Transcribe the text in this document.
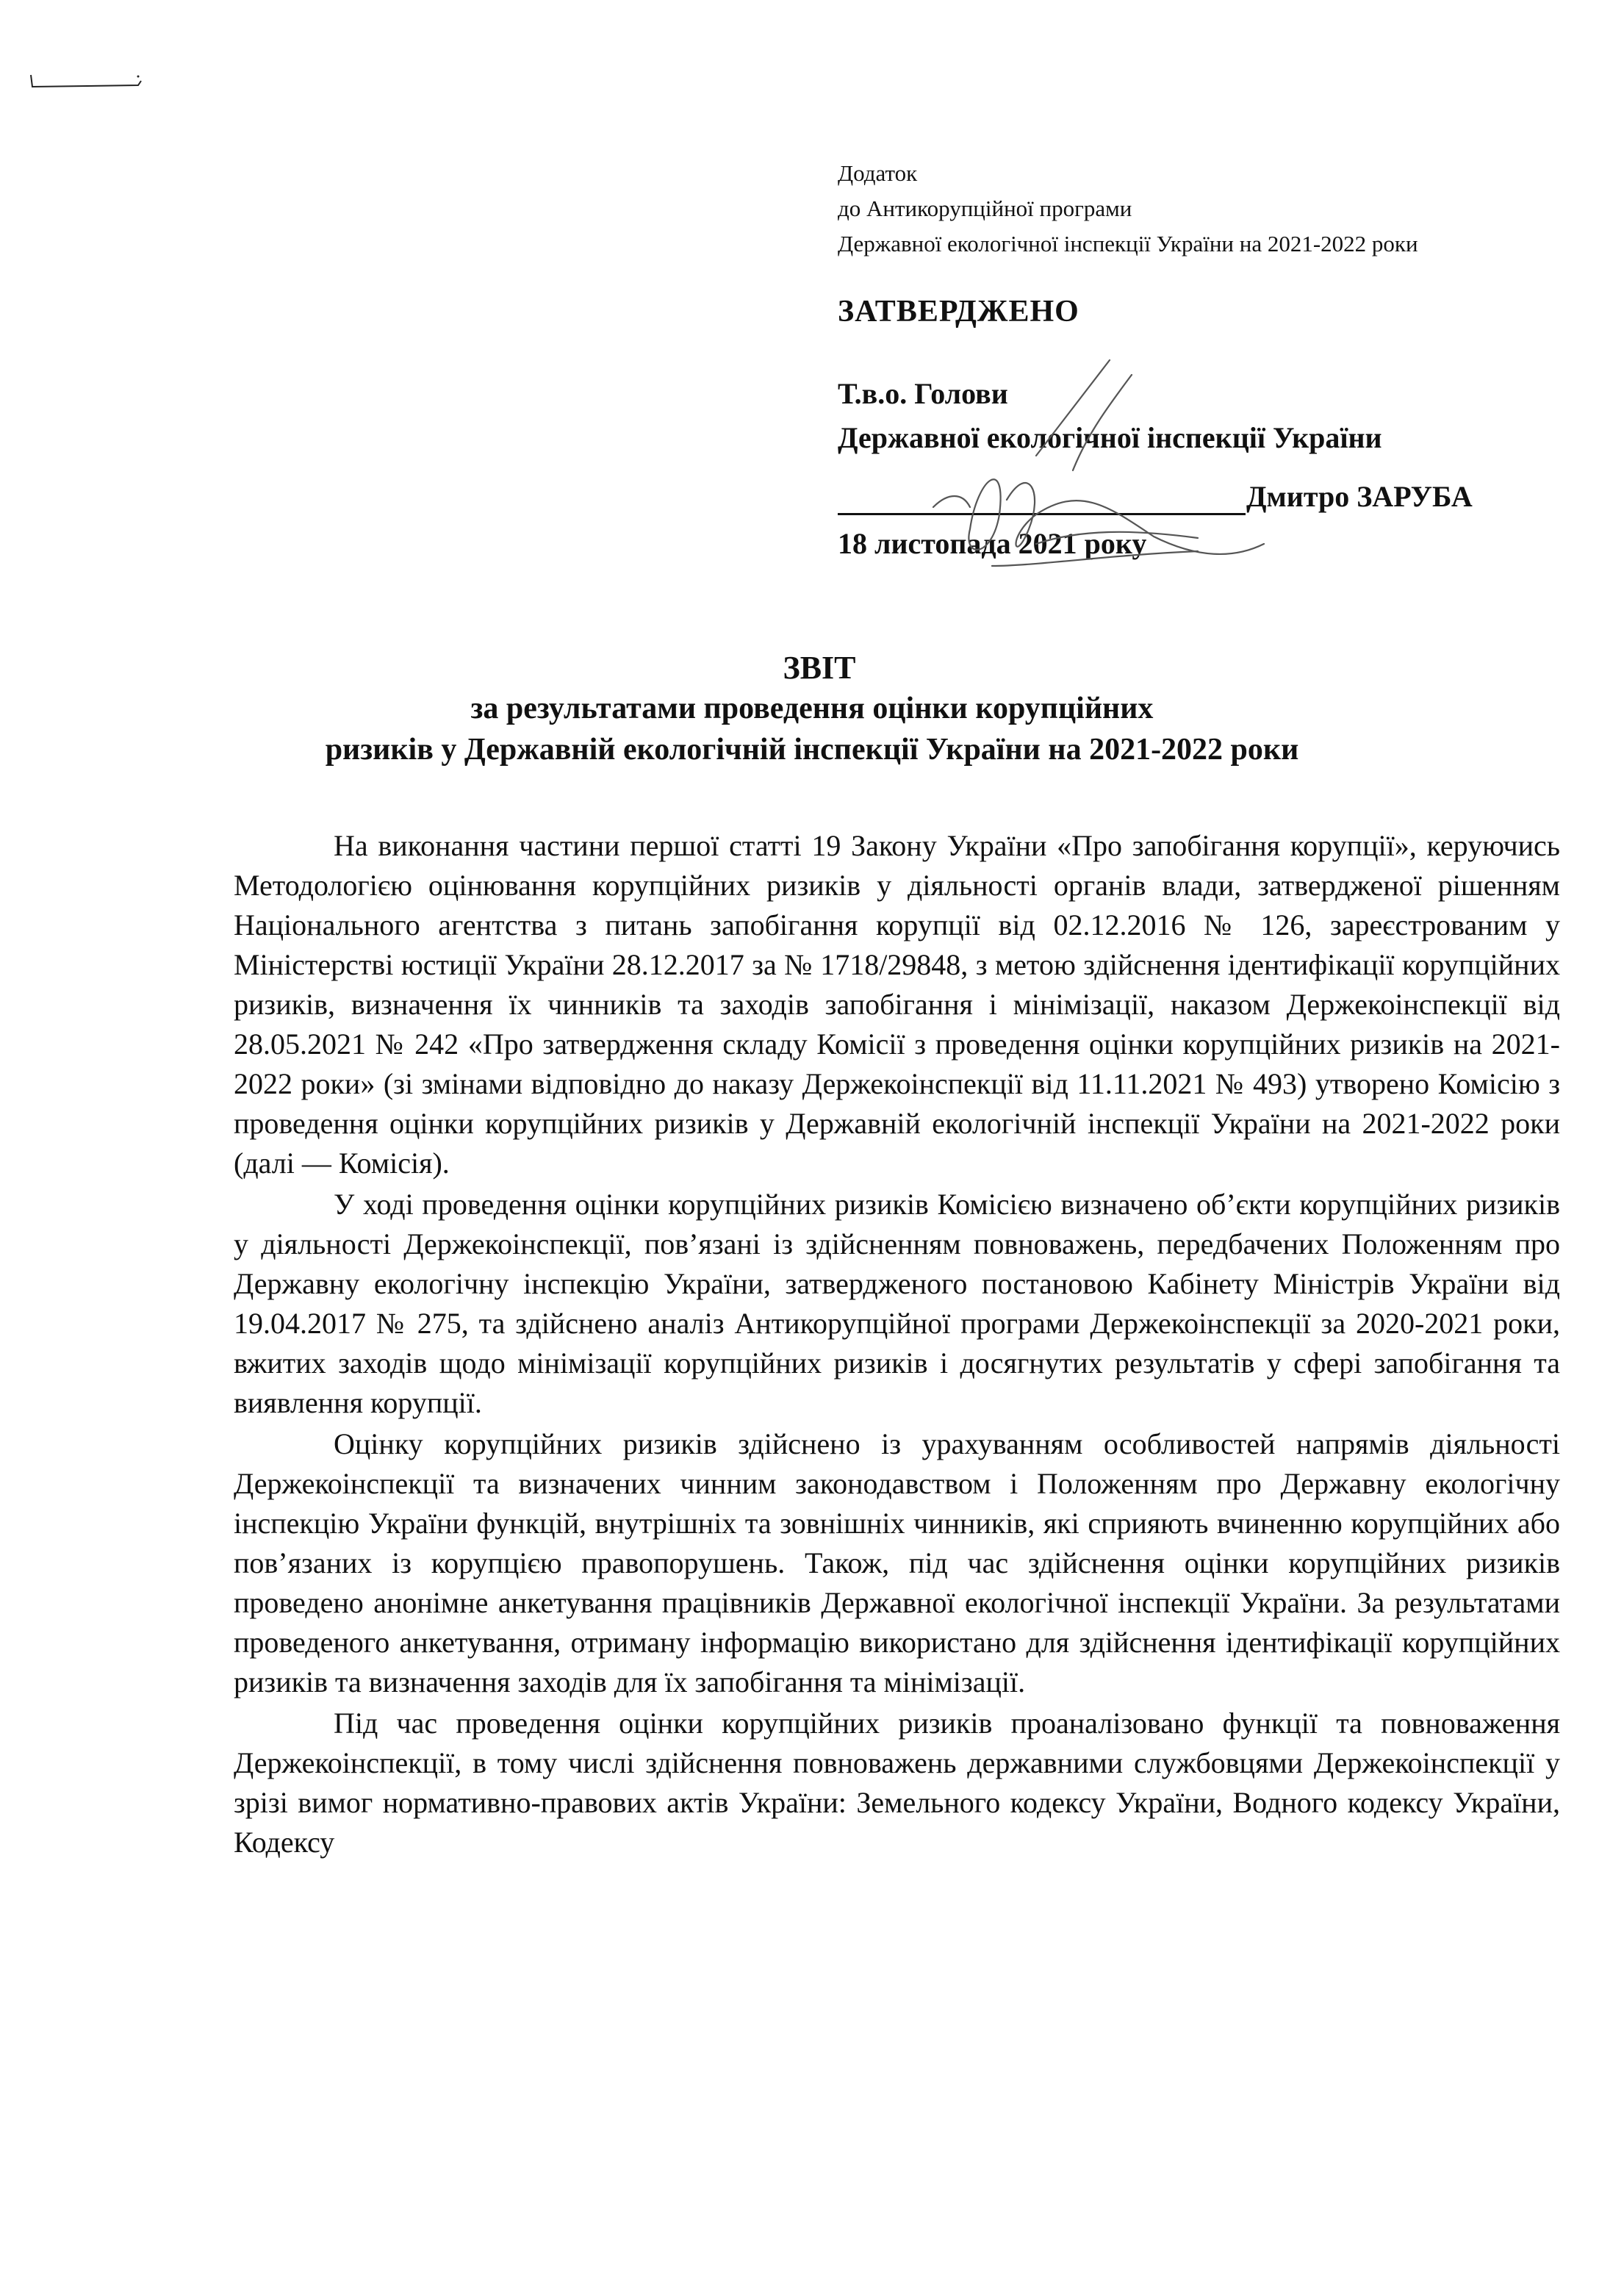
Додаток
до Антикорупційної програми
Державної екологічної інспекції України на 2021-2022 роки
ЗАТВЕРДЖЕНО
Т.в.о. Голови
Державної екологічної інспекції України
Дмитро ЗАРУБА
18 листопада 2021 року
ЗВІТ
за результатами проведення оцінки корупційних
ризиків у Державній екологічній інспекції України на 2021-2022 роки

На виконання частини першої статті 19 Закону України «Про запобігання корупції», керуючись Методологією оцінювання корупційних ризиків у діяльності органів влади, затвердженої рішенням Національного агентства з питань запобігання корупції від 02.12.2016 № 126, зареєстрованим у Міністерстві юстиції України 28.12.2017 за № 1718/29848, з метою здійснення ідентифікації корупційних ризиків, визначення їх чинників та заходів запобігання і мінімізації, наказом Держекоінспекції від 28.05.2021 № 242 «Про затвердження складу Комісії з проведення оцінки корупційних ризиків на 2021-2022 роки» (зі змінами відповідно до наказу Держекоінспекції від 11.11.2021 № 493) утворено Комісію з проведення оцінки корупційних ризиків у Державній екологічній інспекції України на 2021-2022 роки (далі — Комісія).

У ході проведення оцінки корупційних ризиків Комісією визначено об’єкти корупційних ризиків у діяльності Держекоінспекції, пов’язані із здійсненням повноважень, передбачених Положенням про Державну екологічну інспекцію України, затвердженого постановою Кабінету Міністрів України від 19.04.2017 № 275, та здійснено аналіз Антикорупційної програми Держекоінспекції за 2020-2021 роки, вжитих заходів щодо мінімізації корупційних ризиків і досягнутих результатів у сфері запобігання та виявлення корупції.

Оцінку корупційних ризиків здійснено із урахуванням особливостей напрямів діяльності Держекоінспекції та визначених чинним законодавством і Положенням про Державну екологічну інспекцію України функцій, внутрішніх та зовнішніх чинників, які сприяють вчиненню корупційних або пов’язаних із корупцією правопорушень. Також, під час здійснення оцінки корупційних ризиків проведено анонімне анкетування працівників Державної екологічної інспекції України. За результатами проведеного анкетування, отриману інформацію використано для здійснення ідентифікації корупційних ризиків та визначення заходів для їх запобігання та мінімізації.

Під час проведення оцінки корупційних ризиків проаналізовано функції та повноваження Держекоінспекції, в тому числі здійснення повноважень державними службовцями Держекоінспекції у зрізі вимог нормативно-правових актів України: Земельного кодексу України, Водного кодексу України, Кодексу
